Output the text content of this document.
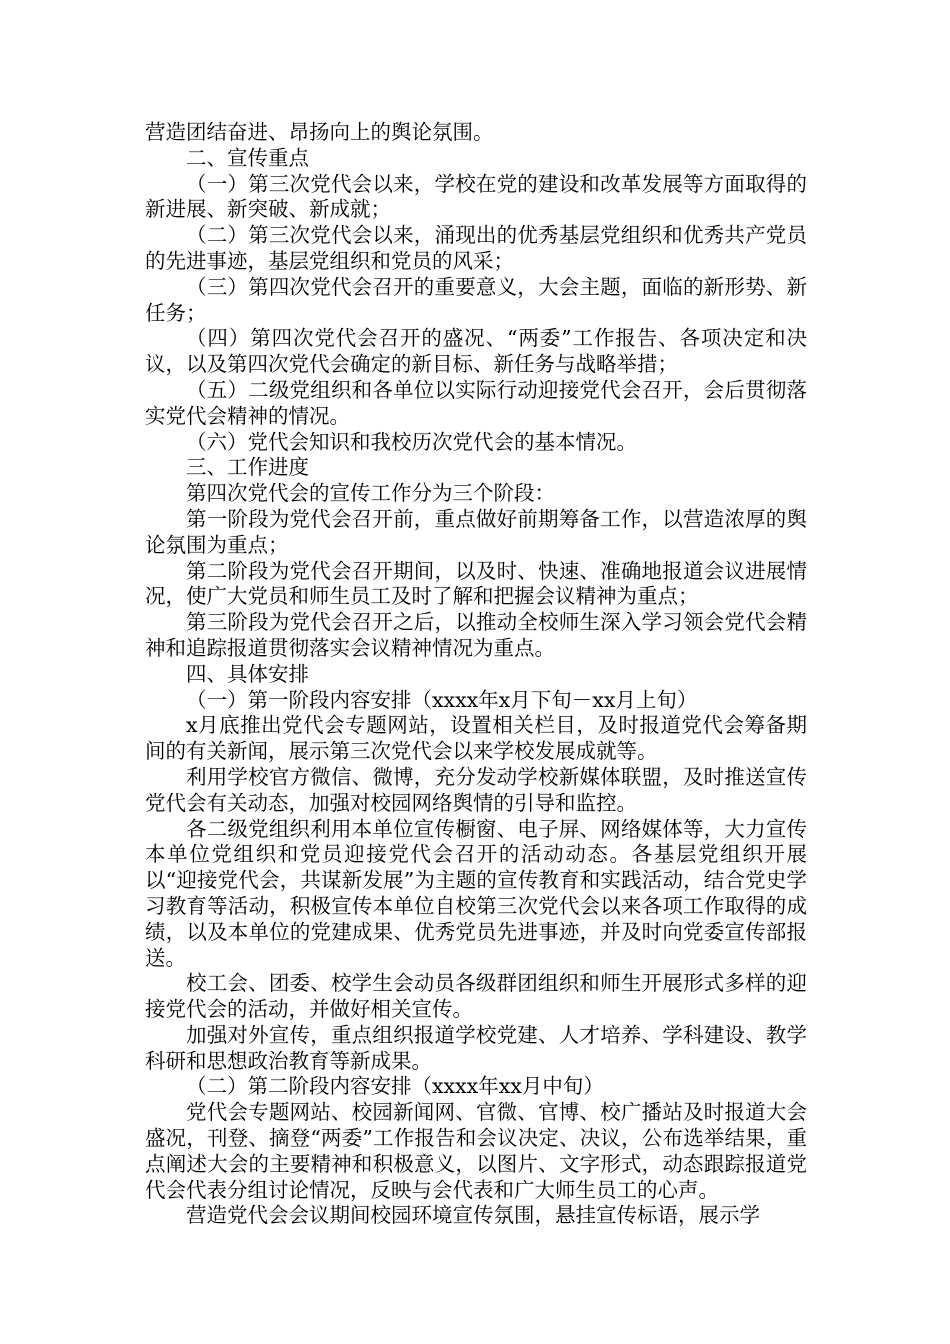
营造团结奋进、昂扬向上的舆论氛围。

二、宣传重点

（一）第三次党代会以来，学校在党的建设和改革发展等方面取得的新进展、新突破、新成就；

（二）第三次党代会以来，涌现出的优秀基层党组织和优秀共产党员的先进事迹，基层党组织和党员的风采；

（三）第四次党代会召开的重要意义，大会主题，面临的新形势、新任务；

（四）第四次党代会召开的盛况、“两委”工作报告、各项决定和决议，以及第四次党代会确定的新目标、新任务与战略举措；

（五）二级党组织和各单位以实际行动迎接党代会召开，会后贯彻落实党代会精神的情况。

（六）党代会知识和我校历次党代会的基本情况。

三、工作进度

第四次党代会的宣传工作分为三个阶段：

第一阶段为党代会召开前，重点做好前期筹备工作，以营造浓厚的舆论氛围为重点；

第二阶段为党代会召开期间，以及时、快速、准确地报道会议进展情况，使广大党员和师生员工及时了解和把握会议精神为重点；

第三阶段为党代会召开之后，以推动全校师生深入学习领会党代会精神和追踪报道贯彻落实会议精神情况为重点。

四、具体安排

（一）第一阶段内容安排（xxxx年x月下旬－xx月上旬）

x月底推出党代会专题网站，设置相关栏目，及时报道党代会筹备期间的有关新闻，展示第三次党代会以来学校发展成就等。

利用学校官方微信、微博，充分发动学校新媒体联盟，及时推送宣传党代会有关动态，加强对校园网络舆情的引导和监控。

各二级党组织利用本单位宣传橱窗、电子屏、网络媒体等，大力宣传本单位党组织和党员迎接党代会召开的活动动态。各基层党组织开展以“迎接党代会，共谋新发展”为主题的宣传教育和实践活动，结合党史学习教育等活动，积极宣传本单位自校第三次党代会以来各项工作取得的成绩，以及本单位的党建成果、优秀党员先进事迹，并及时向党委宣传部报送。

校工会、团委、校学生会动员各级群团组织和师生开展形式多样的迎接党代会的活动，并做好相关宣传。

加强对外宣传，重点组织报道学校党建、人才培养、学科建设、教学科研和思想政治教育等新成果。

（二）第二阶段内容安排（xxxx年xx月中旬）

党代会专题网站、校园新闻网、官微、官博、校广播站及时报道大会盛况，刊登、摘登“两委”工作报告和会议决定、决议，公布选举结果，重点阐述大会的主要精神和积极意义，以图片、文字形式，动态跟踪报道党代会代表分组讨论情况，反映与会代表和广大师生员工的心声。

营造党代会会议期间校园环境宣传氛围，悬挂宣传标语，展示学
